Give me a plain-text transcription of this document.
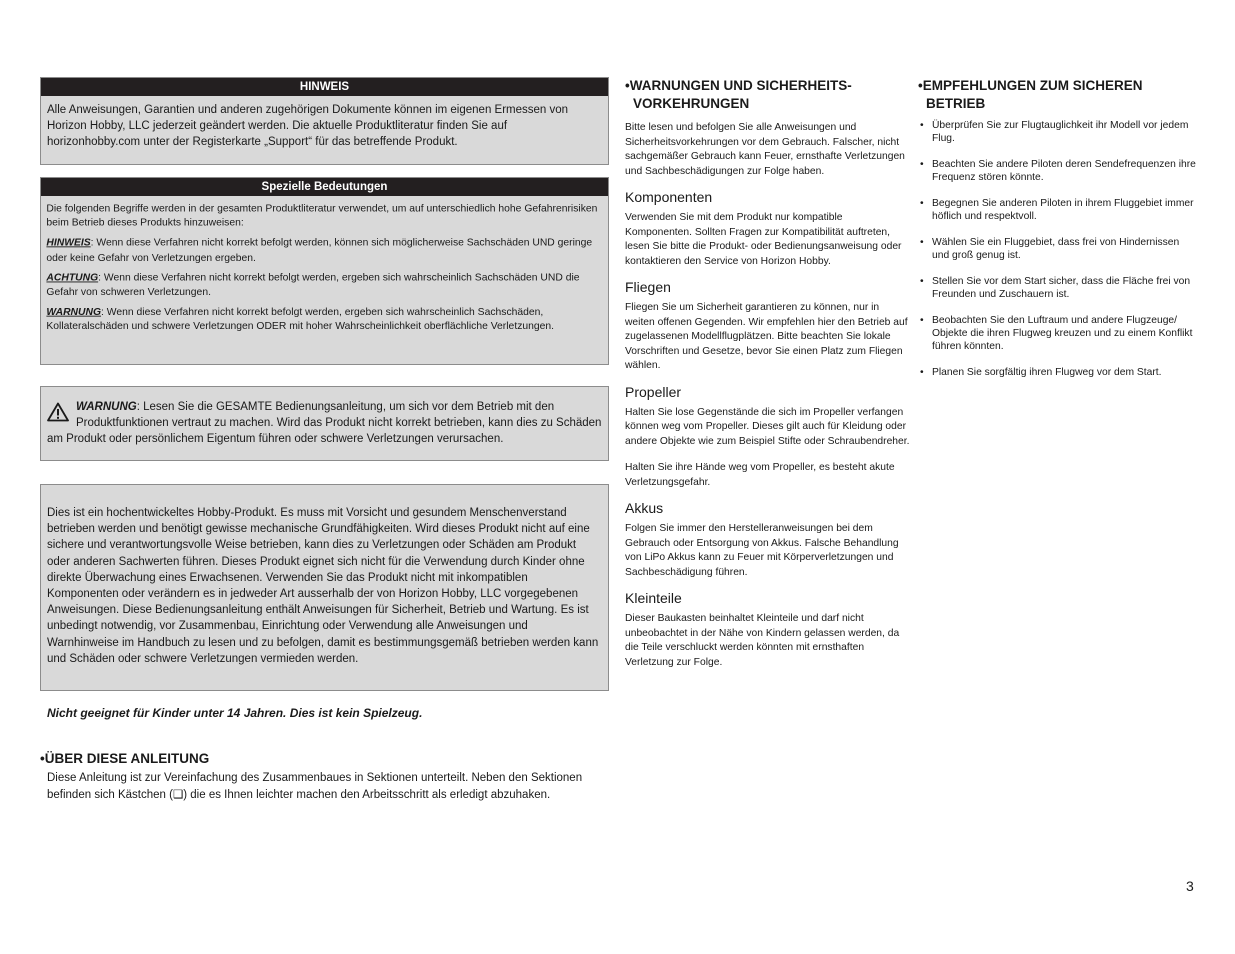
HINWEIS

Alle Anweisungen, Garantien und anderen zugehörigen Dokumente können im eigenen Ermessen von Horizon Hobby, LLC jederzeit geändert werden. Die aktuelle Produktliteratur finden Sie auf horizonhobby.com unter der Registerkarte „Support“ für das betreffende Produkt.

Spezielle Bedeutungen

Die folgenden Begriffe werden in der gesamten Produktliteratur verwendet, um auf unterschiedlich hohe Gefahrenrisiken beim Betrieb dieses Produkts hinzuweisen:

HINWEIS: Wenn diese Verfahren nicht korrekt befolgt werden, können sich möglicherweise Sachschäden UND geringe oder keine Gefahr von Verletzungen ergeben.

ACHTUNG: Wenn diese Verfahren nicht korrekt befolgt werden, ergeben sich wahrscheinlich Sachschäden UND die Gefahr von schweren Verletzungen.

WARNUNG: Wenn diese Verfahren nicht korrekt befolgt werden, ergeben sich wahrscheinlich Sachschäden, Kollateralschäden und schwere Verletzungen ODER mit hoher Wahrscheinlichkeit oberflächliche Verletzungen.

WARNUNG: Lesen Sie die GESAMTE Bedienungsanleitung, um sich vor dem Betrieb mit den
Produktfunktionen vertraut zu machen. Wird das Produkt nicht korrekt betrieben, kann dies zu Schäden
am Produkt oder persönlichem Eigentum führen oder schwere Verletzungen verursachen.

Dies ist ein hochentwickeltes Hobby-Produkt. Es muss mit Vorsicht und gesundem Menschenverstand betrieben werden und benötigt gewisse mechanische Grundfähigkeiten. Wird dieses Produkt nicht auf eine sichere und verantwortungsvolle Weise betrieben, kann dies zu Verletzungen oder Schäden am Produkt oder anderen Sachwerten führen. Dieses Produkt eignet sich nicht für die Verwendung durch Kinder ohne direkte Überwachung eines Erwachsenen. Verwenden Sie das Produkt nicht mit inkompatiblen Komponenten oder verändern es in jedweder Art ausserhalb der von Horizon Hobby, LLC vorgegebenen Anweisungen. Diese Bedienungsanleitung enthält Anweisungen für Sicherheit, Betrieb und Wartung. Es ist unbedingt notwendig, vor Zusammenbau, Einrichtung oder Verwendung alle Anweisungen und Warnhinweise im Handbuch zu lesen und zu befolgen, damit es bestimmungsgemäß betrieben werden kann und Schäden oder schwere Verletzungen vermieden werden.

Nicht geeignet für Kinder unter 14 Jahren. Dies ist kein Spielzeug.
•ÜBER DIESE ANLEITUNG
Diese Anleitung ist zur Vereinfachung des Zusammenbaues in Sektionen unterteilt. Neben den Sektionen befinden sich Kästchen (❑) die es Ihnen leichter machen den Arbeitsschritt als erledigt abzuhaken.
•WARNUNGEN UND SICHERHEITS-
VORKEHRUNGEN

Bitte lesen und befolgen Sie alle Anweisungen und Sicherheitsvorkehrungen vor dem Gebrauch. Falscher, nicht sachgemäßer Gebrauch kann Feuer, ernsthafte Verletzungen und Sachbeschädigungen zur Folge haben.

Komponenten

Verwenden Sie mit dem Produkt nur kompatible Komponenten. Sollten Fragen zur Kompatibilität auftreten, lesen Sie bitte die Produkt- oder Bedienungsanweisung oder kontaktieren den Service von Horizon Hobby.

Fliegen

Fliegen Sie um Sicherheit garantieren zu können, nur in weiten offenen Gegenden. Wir empfehlen hier den Betrieb auf zugelassenen Modellflugplätzen. Bitte beachten Sie lokale Vorschriften und Gesetze, bevor Sie einen Platz zum Fliegen wählen.

Propeller

Halten Sie lose Gegenstände die sich im Propeller verfangen können weg vom Propeller. Dieses gilt auch für Kleidung oder andere Objekte wie zum Beispiel Stifte oder Schraubendreher.

Halten Sie ihre Hände weg vom Propeller, es besteht akute Verletzungsgefahr.

Akkus

Folgen Sie immer den Herstelleranweisungen bei dem Gebrauch oder Entsorgung von Akkus. Falsche Behandlung von LiPo Akkus kann zu Feuer mit Körperverletzungen und Sachbeschädigung führen.

Kleinteile

Dieser Baukasten beinhaltet Kleinteile und darf nicht unbeobachtet in der Nähe von Kindern gelassen werden, da die Teile verschluckt werden könnten mit ernsthaften Verletzung zur Folge.

•EMPFEHLUNGEN ZUM SICHEREN
BETRIEB
• Überprüfen Sie zur Flugtauglichkeit ihr Modell vor jedem Flug.
• Beachten Sie andere Piloten deren Sendefrequenzen ihre Frequenz stören könnte.
• Begegnen Sie anderen Piloten in ihrem Fluggebiet immer höflich und respektvoll.
• Wählen Sie ein Fluggebiet, dass frei von Hindernissen und groß genug ist.
• Stellen Sie vor dem Start sicher, dass die Fläche frei von Freunden und Zuschauern ist.
• Beobachten Sie den Luftraum und andere Flugzeuge/ Objekte die ihren Flugweg kreuzen und zu einem Konflikt führen könnten.
• Planen Sie sorgfältig ihren Flugweg vor dem Start.
3
